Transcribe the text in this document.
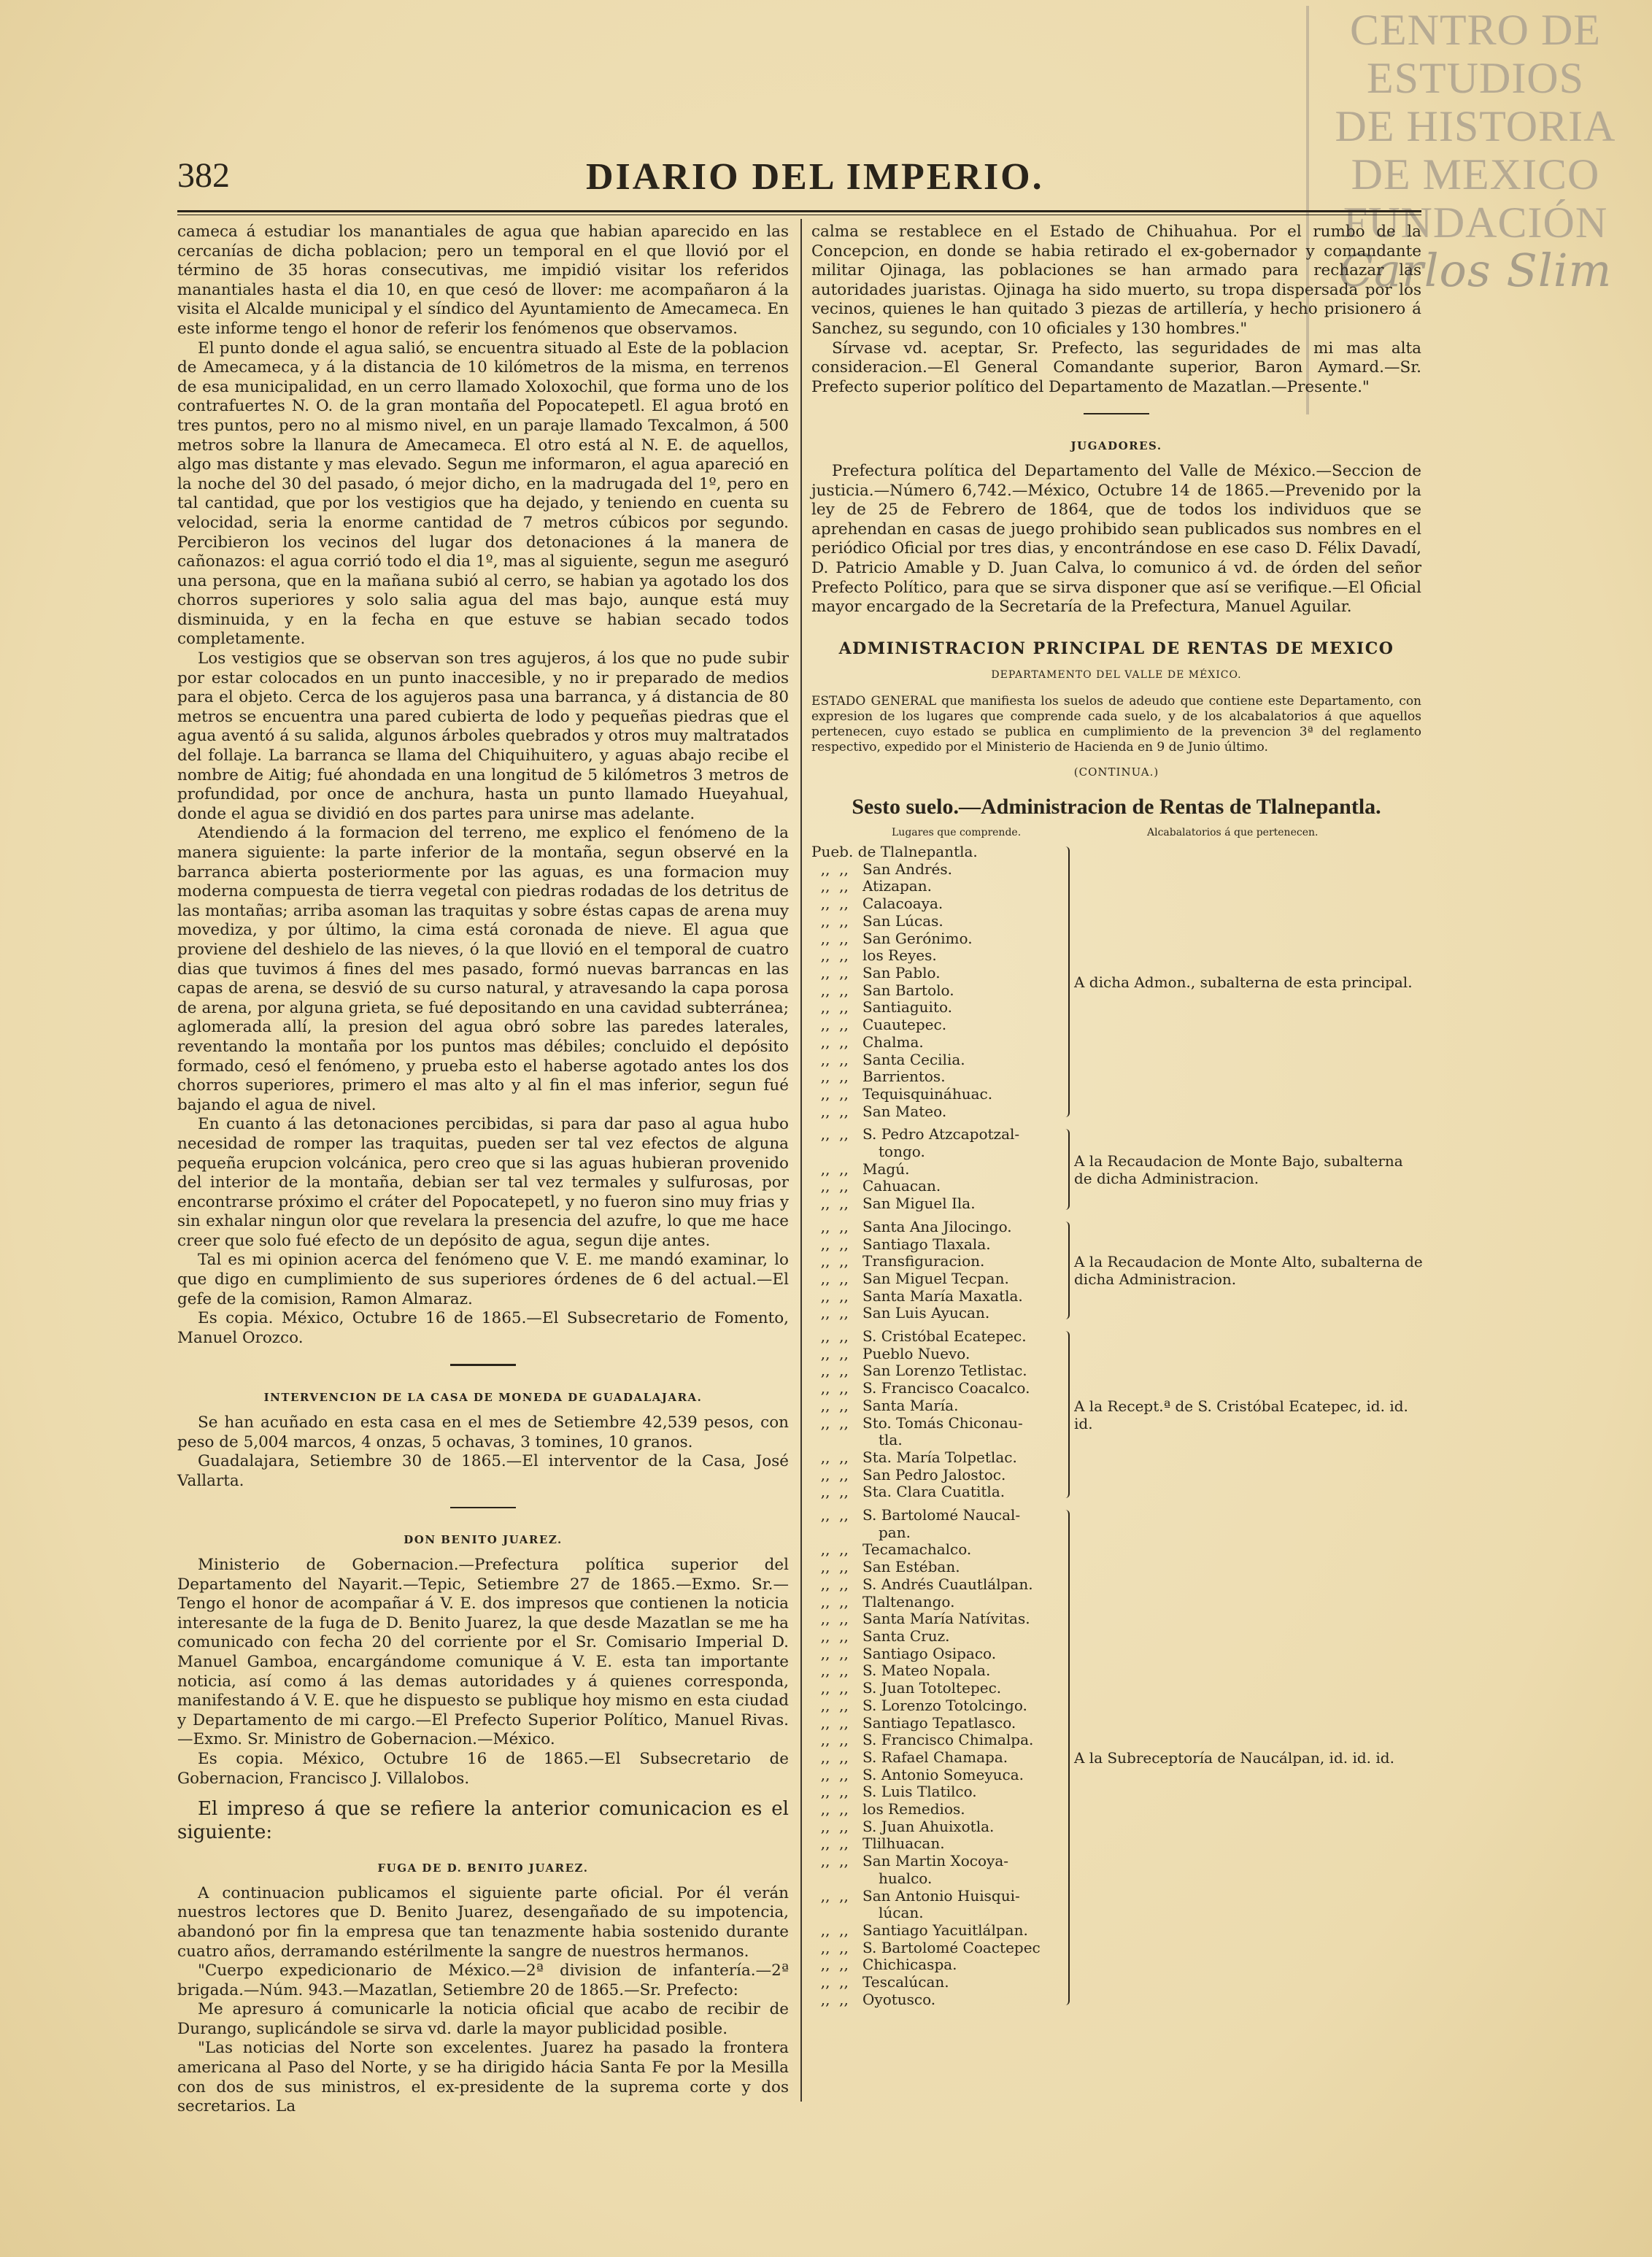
CENTRO DE
ESTUDIOS
DE HISTORIA
DE MEXICO
FUNDACIÓN
Carlos Slim
382	DIARIO DEL IMPERIO.

cameca á estudiar los manantiales de agua que habian aparecido en las cercanías de dicha poblacion; pero un temporal en el que llovió por el término de 35 horas consecutivas, me impidió visitar los referidos manantiales hasta el dia 10, en que cesó de llover: me acompañaron á la visita el Alcalde municipal y el síndico del Ayuntamiento de Amecameca. En este informe tengo el honor de referir los fenómenos que observamos.

El punto donde el agua salió, se encuentra situado al Este de la poblacion de Amecameca, y á la distancia de 10 kilómetros de la misma, en terrenos de esa municipalidad, en un cerro llamado Xoloxochil, que forma uno de los contrafuertes N. O. de la gran montaña del Popocatepetl. El agua brotó en tres puntos, pero no al mismo nivel, en un paraje llamado Texcalmon, á 500 metros sobre la llanura de Amecameca. El otro está al N. E. de aquellos, algo mas distante y mas elevado. Segun me informaron, el agua apareció en la noche del 30 del pasado, ó mejor dicho, en la madrugada del 1º, pero en tal cantidad, que por los vestigios que ha dejado, y teniendo en cuenta su velocidad, seria la enorme cantidad de 7 metros cúbicos por segundo. Percibieron los vecinos del lugar dos detonaciones á la manera de cañonazos: el agua corrió todo el dia 1º, mas al siguiente, segun me aseguró una persona, que en la mañana subió al cerro, se habian ya agotado los dos chorros superiores y solo salia agua del mas bajo, aunque está muy disminuida, y en la fecha en que estuve se habian secado todos completamente.

Los vestigios que se observan son tres agujeros, á los que no pude subir por estar colocados en un punto inaccesible, y no ir preparado de medios para el objeto. Cerca de los agujeros pasa una barranca, y á distancia de 80 metros se encuentra una pared cubierta de lodo y pequeñas piedras que el agua aventó á su salida, algunos árboles quebrados y otros muy maltratados del follaje. La barranca se llama del Chiquihuitero, y aguas abajo recibe el nombre de Aitig; fué ahondada en una longitud de 5 kilómetros 3 metros de profundidad, por once de anchura, hasta un punto llamado Hueyahual, donde el agua se dividió en dos partes para unirse mas adelante.

Atendiendo á la formacion del terreno, me explico el fenómeno de la manera siguiente: la parte inferior de la montaña, segun observé en la barranca abierta posteriormente por las aguas, es una formacion muy moderna compuesta de tierra vegetal con piedras rodadas de los detritus de las montañas; arriba asoman las traquitas y sobre éstas capas de arena muy movediza, y por último, la cima está coronada de nieve. El agua que proviene del deshielo de las nieves, ó la que llovió en el temporal de cuatro dias que tuvimos á fines del mes pasado, formó nuevas barrancas en las capas de arena, se desvió de su curso natural, y atravesando la capa porosa de arena, por alguna grieta, se fué depositando en una cavidad subterránea; aglomerada allí, la presion del agua obró sobre las paredes laterales, reventando la montaña por los puntos mas débiles; concluido el depósito formado, cesó el fenómeno, y prueba esto el haberse agotado antes los dos chorros superiores, primero el mas alto y al fin el mas inferior, segun fué bajando el agua de nivel.

En cuanto á las detonaciones percibidas, si para dar paso al agua hubo necesidad de romper las traquitas, pueden ser tal vez efectos de alguna pequeña erupcion volcánica, pero creo que si las aguas hubieran provenido del interior de la montaña, debian ser tal vez termales y sulfurosas, por encontrarse próximo el cráter del Popocatepetl, y no fueron sino muy frias y sin exhalar ningun olor que revelara la presencia del azufre, lo que me hace creer que solo fué efecto de un depósito de agua, segun dije antes.

Tal es mi opinion acerca del fenómeno que V. E. me mandó examinar, lo que digo en cumplimiento de sus superiores órdenes de 6 del actual.—El gefe de la comision, Ramon Almaraz.

Es copia. México, Octubre 16 de 1865.—El Subsecretario de Fomento, Manuel Orozco.

INTERVENCION DE LA CASA DE MONEDA DE GUADALAJARA.

Se han acuñado en esta casa en el mes de Setiembre 42,539 pesos, con peso de 5,004 marcos, 4 onzas, 5 ochavas, 3 tomines, 10 granos.

Guadalajara, Setiembre 30 de 1865.—El interventor de la Casa, José Vallarta.

DON BENITO JUAREZ.

Ministerio de Gobernacion.—Prefectura política superior del Departamento del Nayarit.—Tepic, Setiembre 27 de 1865.—Exmo. Sr.—Tengo el honor de acompañar á V. E. dos impresos que contienen la noticia interesante de la fuga de D. Benito Juarez, la que desde Mazatlan se me ha comunicado con fecha 20 del corriente por el Sr. Comisario Imperial D. Manuel Gamboa, encargándome comunique á V. E. esta tan importante noticia, así como á las demas autoridades y á quienes corresponda, manifestando á V. E. que he dispuesto se publique hoy mismo en esta ciudad y Departamento de mi cargo.—El Prefecto Superior Político, Manuel Rivas.—Exmo. Sr. Ministro de Gobernacion.—México.

Es copia. México, Octubre 16 de 1865.—El Subsecretario de Gobernacion, Francisco J. Villalobos.

El impreso á que se refiere la anterior comunicacion es el siguiente:

FUGA DE D. BENITO JUAREZ.

A continuacion publicamos el siguiente parte oficial. Por él verán nuestros lectores que D. Benito Juarez, desengañado de su impotencia, abandonó por fin la empresa que tan tenazmente habia sostenido durante cuatro años, derramando estérilmente la sangre de nuestros hermanos.

"Cuerpo expedicionario de México.—2ª division de infantería.—2ª brigada.—Núm. 943.—Mazatlan, Setiembre 20 de 1865.—Sr. Prefecto:

Me apresuro á comunicarle la noticia oficial que acabo de recibir de Durango, suplicándole se sirva vd. darle la mayor publicidad posible.

"Las noticias del Norte son excelentes. Juarez ha pasado la frontera americana al Paso del Norte, y se ha dirigido hácia Santa Fe por la Mesilla con dos de sus ministros, el ex-presidente de la suprema corte y dos secretarios. La

calma se restablece en el Estado de Chihuahua. Por el rumbo de la Concepcion, en donde se habia retirado el ex-gobernador y comandante militar Ojinaga, las poblaciones se han armado para rechazar las autoridades juaristas. Ojinaga ha sido muerto, su tropa dispersada por los vecinos, quienes le han quitado 3 piezas de artillería, y hecho prisionero á Sanchez, su segundo, con 10 oficiales y 130 hombres."

Sírvase vd. aceptar, Sr. Prefecto, las seguridades de mi mas alta consideracion.—El General Comandante superior, Baron Aymard.—Sr. Prefecto superior político del Departamento de Mazatlan.—Presente."

JUGADORES.

Prefectura política del Departamento del Valle de México.—Seccion de justicia.—Número 6,742.—México, Octubre 14 de 1865.—Prevenido por la ley de 25 de Febrero de 1864, que de todos los individuos que se aprehendan en casas de juego prohibido sean publicados sus nombres en el periódico Oficial por tres dias, y encontrándose en ese caso D. Félix Davadí, D. Patricio Amable y D. Juan Calva, lo comunico á vd. de órden del señor Prefecto Político, para que se sirva disponer que así se verifique.—El Oficial mayor encargado de la Secretaría de la Prefectura, Manuel Aguilar.

ADMINISTRACION PRINCIPAL DE RENTAS DE MEXICO
DEPARTAMENTO DEL VALLE DE MÉXICO.

ESTADO GENERAL que manifiesta los suelos de adeudo que contiene este Departamento, con expresion de los lugares que comprende cada suelo, y de los alcabalatorios á que aquellos pertenecen, cuyo estado se publica en cumplimiento de la prevencion 3ª del reglamento respectivo, expedido por el Ministerio de Hacienda en 9 de Junio último.

(CONTINUA.)
Sesto suelo.—Administracion de Rentas de Tlalnepantla.
Lugares que comprende.	Alcabalatorios á que pertenecen.
Pueb. de Tlalnepantla.
,,  ,, San Andrés.
,,  ,, Atizapan.
,,  ,, Calacoaya.
,,  ,, San Lúcas.
,,  ,, San Gerónimo.
,,  ,, los Reyes.
,,  ,, San Pablo.
,,  ,, San Bartolo.
,,  ,, Santiaguito.
,,  ,, Cuautepec.
,,  ,, Chalma.
,,  ,, Santa Cecilia.
,,  ,, Barrientos.
,,  ,, Tequisquináhuac.
,,  ,, San Mateo.
A dicha Admon., subalterna de esta principal.
,,  ,, S. Pedro Atzcapotzal-
tongo.
,,  ,, Magú.
,,  ,, Cahuacan.
,,  ,, San Miguel Ila.
A la Recaudacion de Monte Bajo, subalterna de dicha Administracion.
,,  ,, Santa Ana Jilocingo.
,,  ,, Santiago Tlaxala.
,,  ,, Transfiguracion.
,,  ,, San Miguel Tecpan.
,,  ,, Santa María Maxatla.
,,  ,, San Luis Ayucan.
A la Recaudacion de Monte Alto, subalterna de dicha Administracion.
,,  ,, S. Cristóbal Ecatepec.
,,  ,, Pueblo Nuevo.
,,  ,, San Lorenzo Tetlistac.
,,  ,, S. Francisco Coacalco.
,,  ,, Santa María.
,,  ,, Sto. Tomás Chiconau-
tla.
,,  ,, Sta. María Tolpetlac.
,,  ,, San Pedro Jalostoc.
,,  ,, Sta. Clara Cuatitla.
A la Recept.ª de S. Cristóbal Ecatepec, id. id. id.
,,  ,, S. Bartolomé Naucal-
pan.
,,  ,, Tecamachalco.
,,  ,, San Estéban.
,,  ,, S. Andrés Cuautlálpan.
,,  ,, Tlaltenango.
,,  ,, Santa María Natívitas.
,,  ,, Santa Cruz.
,,  ,, Santiago Osipaco.
,,  ,, S. Mateo Nopala.
,,  ,, S. Juan Totoltepec.
,,  ,, S. Lorenzo Totolcingo.
,,  ,, Santiago Tepatlasco.
,,  ,, S. Francisco Chimalpa.
,,  ,, S. Rafael Chamapa.
,,  ,, S. Antonio Someyuca.
,,  ,, S. Luis Tlatilco.
,,  ,, los Remedios.
,,  ,, S. Juan Ahuixotla.
,,  ,, Tlilhuacan.
,,  ,, San Martin Xocoya-
hualco.
,,  ,, San Antonio Huisqui-
lúcan.
,,  ,, Santiago Yacuitlálpan.
,,  ,, S. Bartolomé Coactepec
,,  ,, Chichicaspa.
,,  ,, Tescalúcan.
,,  ,, Oyotusco.
A la Subreceptoría de Naucálpan, id. id. id.
